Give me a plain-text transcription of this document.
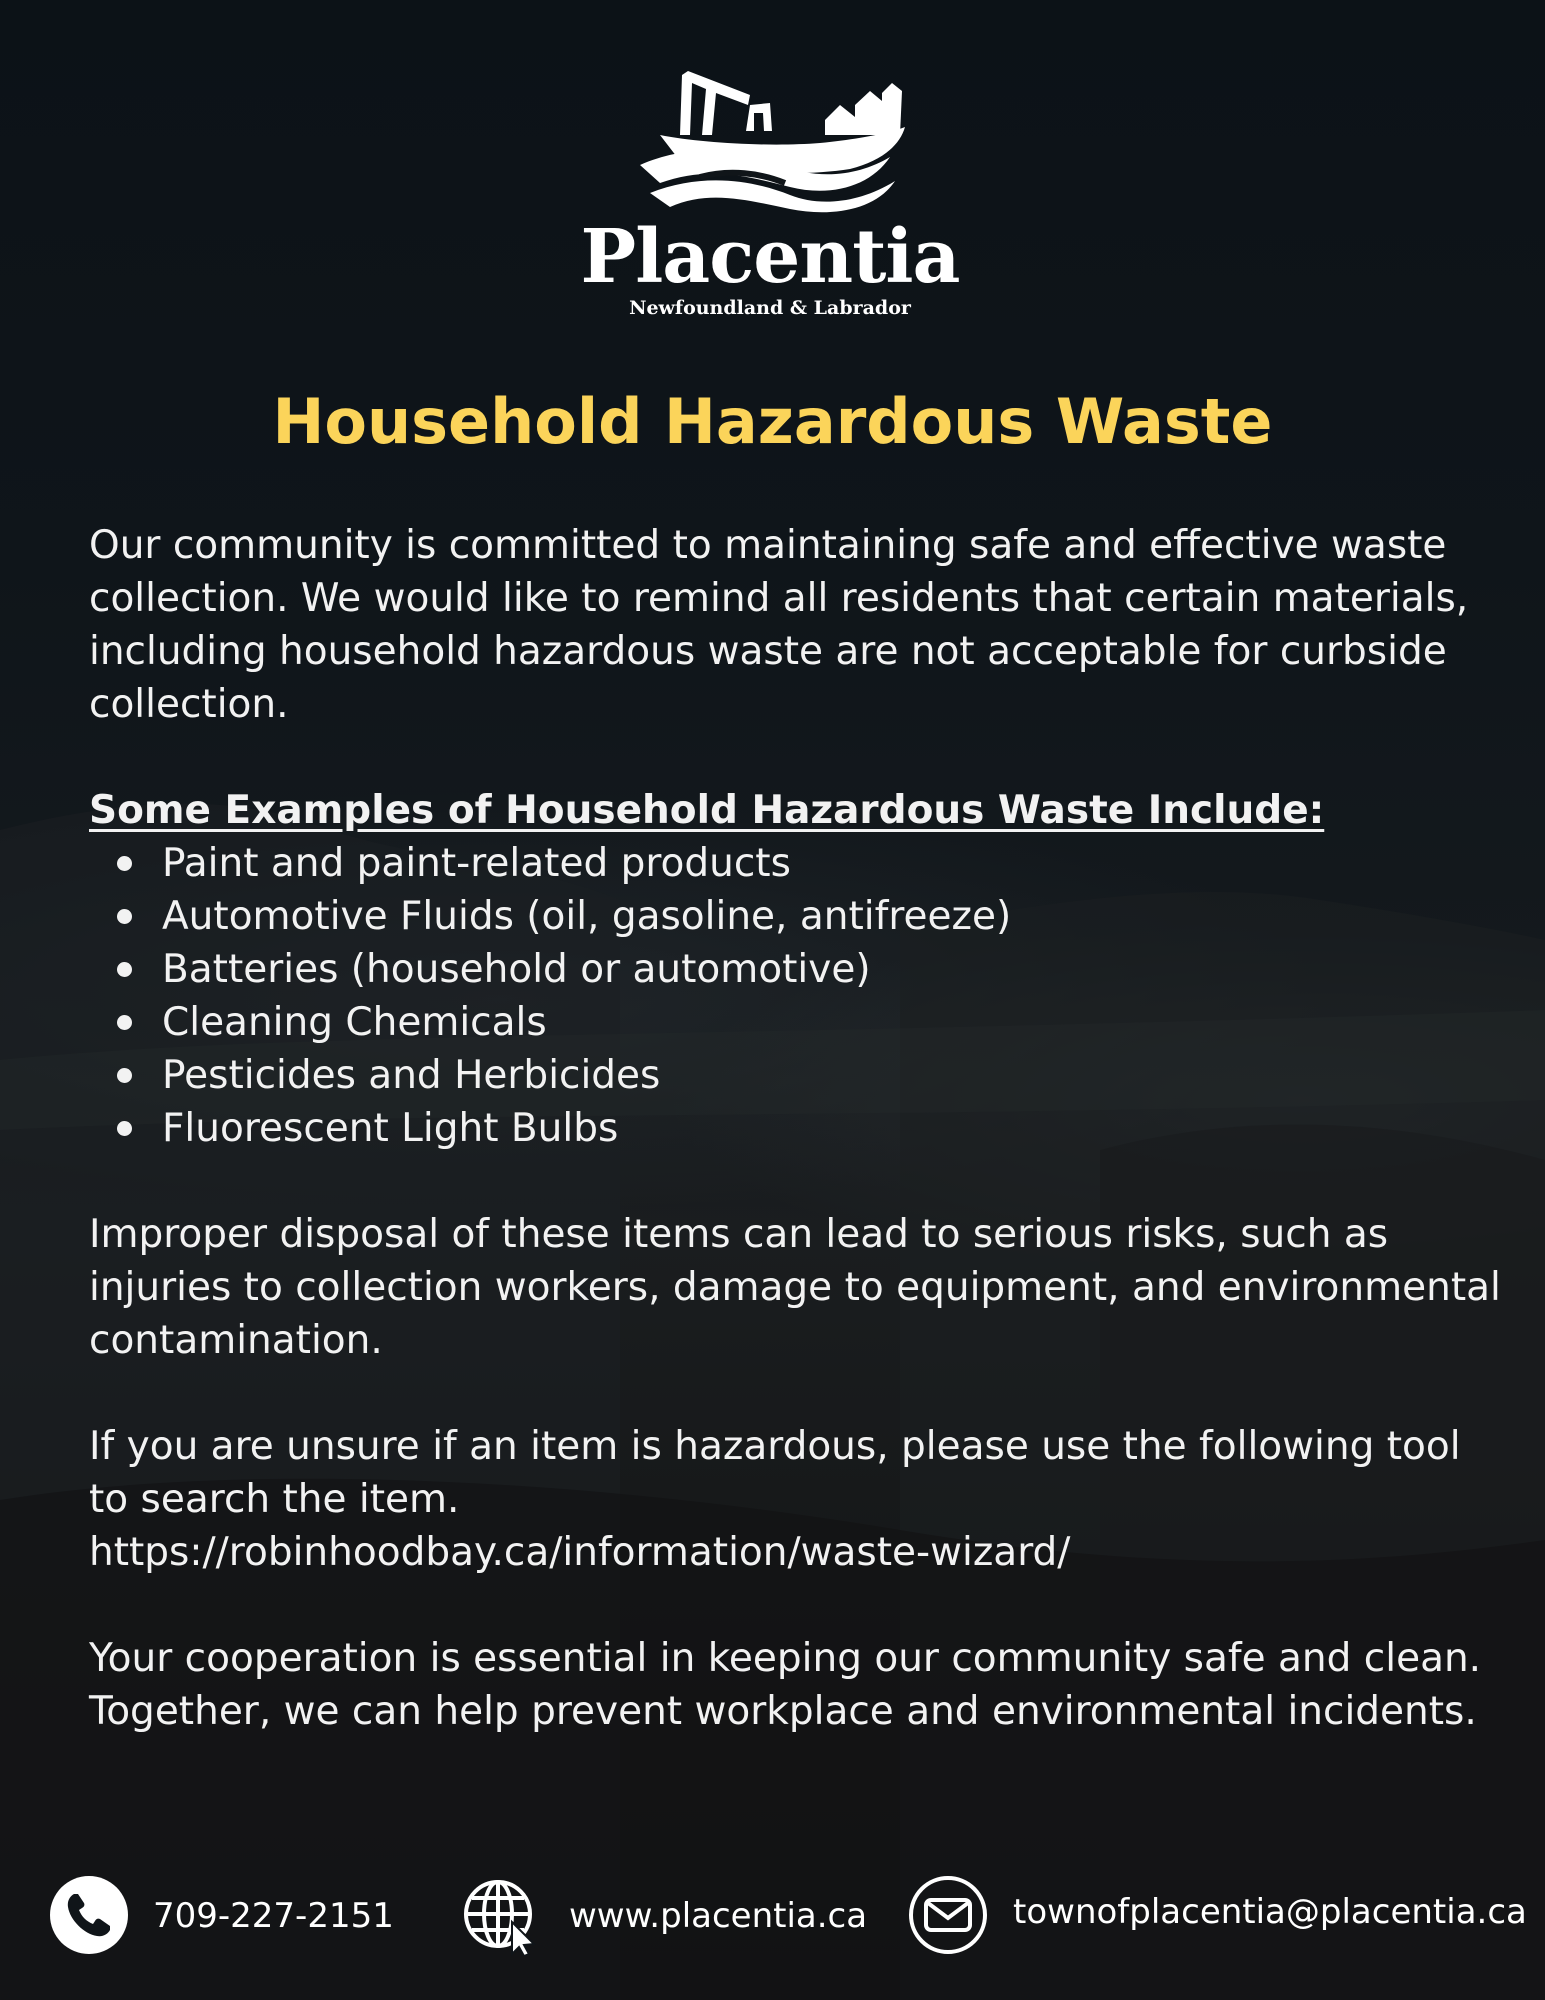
Placentia
Newfoundland & Labrador
Household Hazardous Waste

Our community is committed to maintaining safe and effective waste collection. We would like to remind all residents that certain materials, including household hazardous waste are not acceptable for curbside collection.

Some Examples of Household Hazardous Waste Include:

Paint and paint-related products
Automotive Fluids (oil, gasoline, antifreeze)
Batteries (household or automotive)
Cleaning Chemicals
Pesticides and Herbicides
Fluorescent Light Bulbs

Improper disposal of these items can lead to serious risks, such as injuries to collection workers, damage to equipment, and environmental contamination.

If you are unsure if an item is hazardous, please use the following tool to search the item.

https://robinhoodbay.ca/information/waste-wizard/

Your cooperation is essential in keeping our community safe and clean. Together, we can help prevent workplace and environmental incidents.

709-227-2151	www.placentia.ca	townofplacentia@placentia.ca
